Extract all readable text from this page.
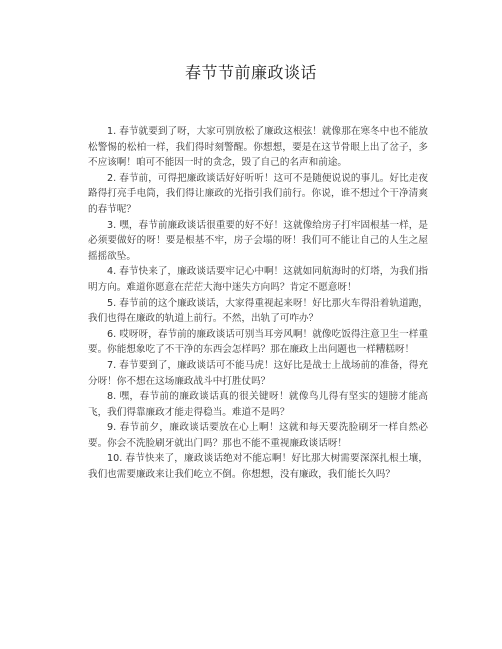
春节节前廉政谈话

1. 春节就要到了呀，大家可别放松了廉政这根弦！就像那在寒冬中也不能放松警惕的松柏一样，我们得时刻警醒。你想想，要是在这节骨眼上出了岔子，多不应该啊！咱可不能因一时的贪念，毁了自己的名声和前途。

2. 春节前，可得把廉政谈话好好听听！这可不是随便说说的事儿。好比走夜路得打亮手电筒，我们得让廉政的光指引我们前行。你说，谁不想过个干净清爽的春节呢？

3. 嘿，春节前廉政谈话很重要的好不好！这就像给房子打牢固根基一样，是必须要做好的呀！要是根基不牢，房子会塌的呀！我们可不能让自己的人生之屋摇摇欲坠。

4. 春节快来了，廉政谈话要牢记心中啊！这就如同航海时的灯塔，为我们指明方向。难道你愿意在茫茫大海中迷失方向吗？肯定不愿意呀！

5. 春节前的这个廉政谈话，大家得重视起来呀！好比那火车得沿着轨道跑，我们也得在廉政的轨道上前行。不然，出轨了可咋办？

6. 哎呀呀，春节前的廉政谈话可别当耳旁风啊！就像吃饭得注意卫生一样重要。你能想象吃了不干净的东西会怎样吗？那在廉政上出问题也一样糟糕呀！

7. 春节要到了，廉政谈话可不能马虎！这好比是战士上战场前的准备，得充分呀！你不想在这场廉政战斗中打胜仗吗？

8. 嘿，春节前的廉政谈话真的很关键呀！就像鸟儿得有坚实的翅膀才能高飞，我们得靠廉政才能走得稳当。难道不是吗？

9. 春节前夕，廉政谈话要放在心上啊！这就和每天要洗脸刷牙一样自然必要。你会不洗脸刷牙就出门吗？那也不能不重视廉政谈话呀！

10. 春节快来了，廉政谈话绝对不能忘啊！好比那大树需要深深扎根土壤，我们也需要廉政来让我们屹立不倒。你想想，没有廉政，我们能长久吗？
